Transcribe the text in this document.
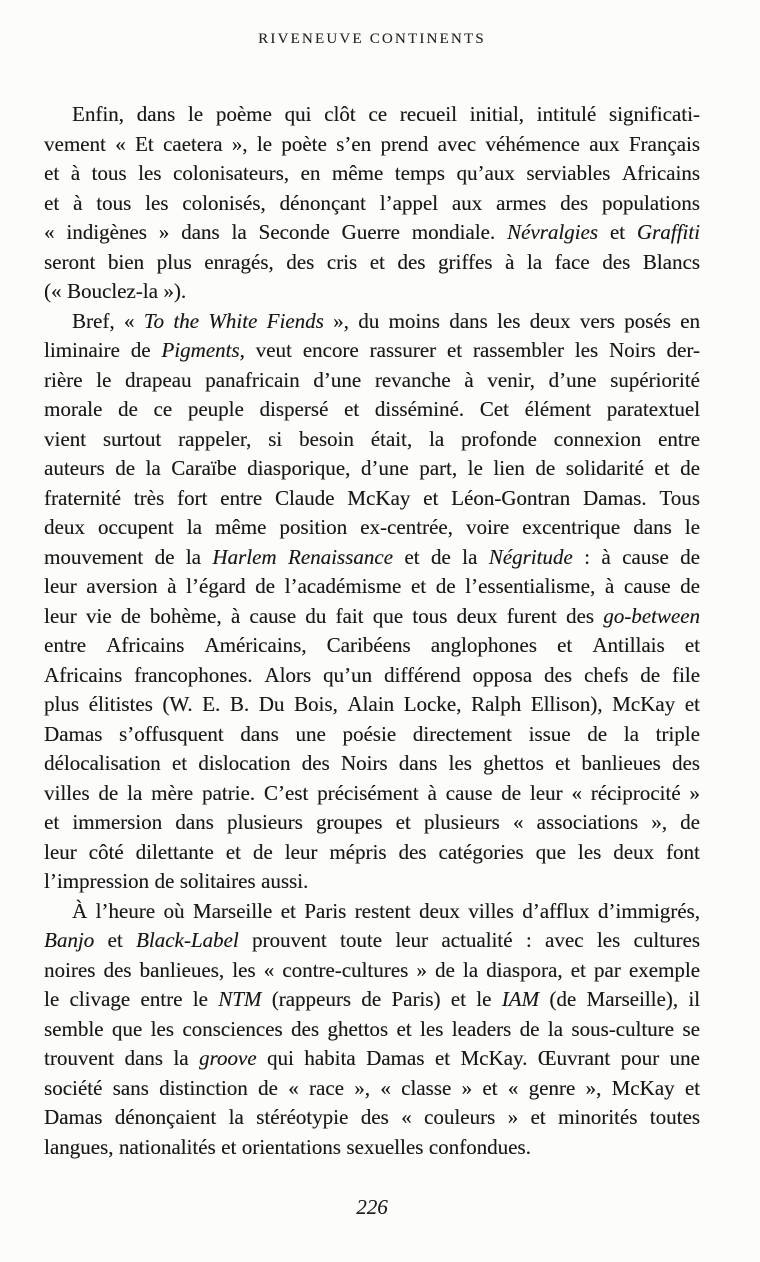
RIVENEUVE CONTINENTS
Enfin, dans le poème qui clôt ce recueil initial, intitulé significati-
vement « Et caetera », le poète s’en prend avec véhémence aux Français
et à tous les colonisateurs, en même temps qu’aux serviables Africains
et à tous les colonisés, dénonçant l’appel aux armes des populations
« indigènes » dans la Seconde Guerre mondiale. Névralgies et Graffiti
seront bien plus enragés, des cris et des griffes à la face des Blancs
(« Bouclez-la »).
Bref, « To the White Fiends », du moins dans les deux vers posés en
liminaire de Pigments, veut encore rassurer et rassembler les Noirs der-
rière le drapeau panafricain d’une revanche à venir, d’une supériorité
morale de ce peuple dispersé et disséminé. Cet élément paratextuel
vient surtout rappeler, si besoin était, la profonde connexion entre
auteurs de la Caraïbe diasporique, d’une part, le lien de solidarité et de
fraternité très fort entre Claude McKay et Léon-Gontran Damas. Tous
deux occupent la même position ex-centrée, voire excentrique dans le
mouvement de la Harlem Renaissance et de la Négritude : à cause de
leur aversion à l’égard de l’académisme et de l’essentialisme, à cause de
leur vie de bohème, à cause du fait que tous deux furent des go-between
entre Africains Américains, Caribéens anglophones et Antillais et
Africains francophones. Alors qu’un différend opposa des chefs de file
plus élitistes (W. E. B. Du Bois, Alain Locke, Ralph Ellison), McKay et
Damas s’offusquent dans une poésie directement issue de la triple
délocalisation et dislocation des Noirs dans les ghettos et banlieues des
villes de la mère patrie. C’est précisément à cause de leur « réciprocité »
et immersion dans plusieurs groupes et plusieurs « associations », de
leur côté dilettante et de leur mépris des catégories que les deux font
l’impression de solitaires aussi.
À l’heure où Marseille et Paris restent deux villes d’afflux d’immigrés,
Banjo et Black-Label prouvent toute leur actualité : avec les cultures
noires des banlieues, les « contre-cultures » de la diaspora, et par exemple
le clivage entre le NTM (rappeurs de Paris) et le IAM (de Marseille), il
semble que les consciences des ghettos et les leaders de la sous-culture se
trouvent dans la groove qui habita Damas et McKay. Œuvrant pour une
société sans distinction de « race », « classe » et « genre », McKay et
Damas dénonçaient la stéréotypie des « couleurs » et minorités toutes
langues, nationalités et orientations sexuelles confondues.
226
